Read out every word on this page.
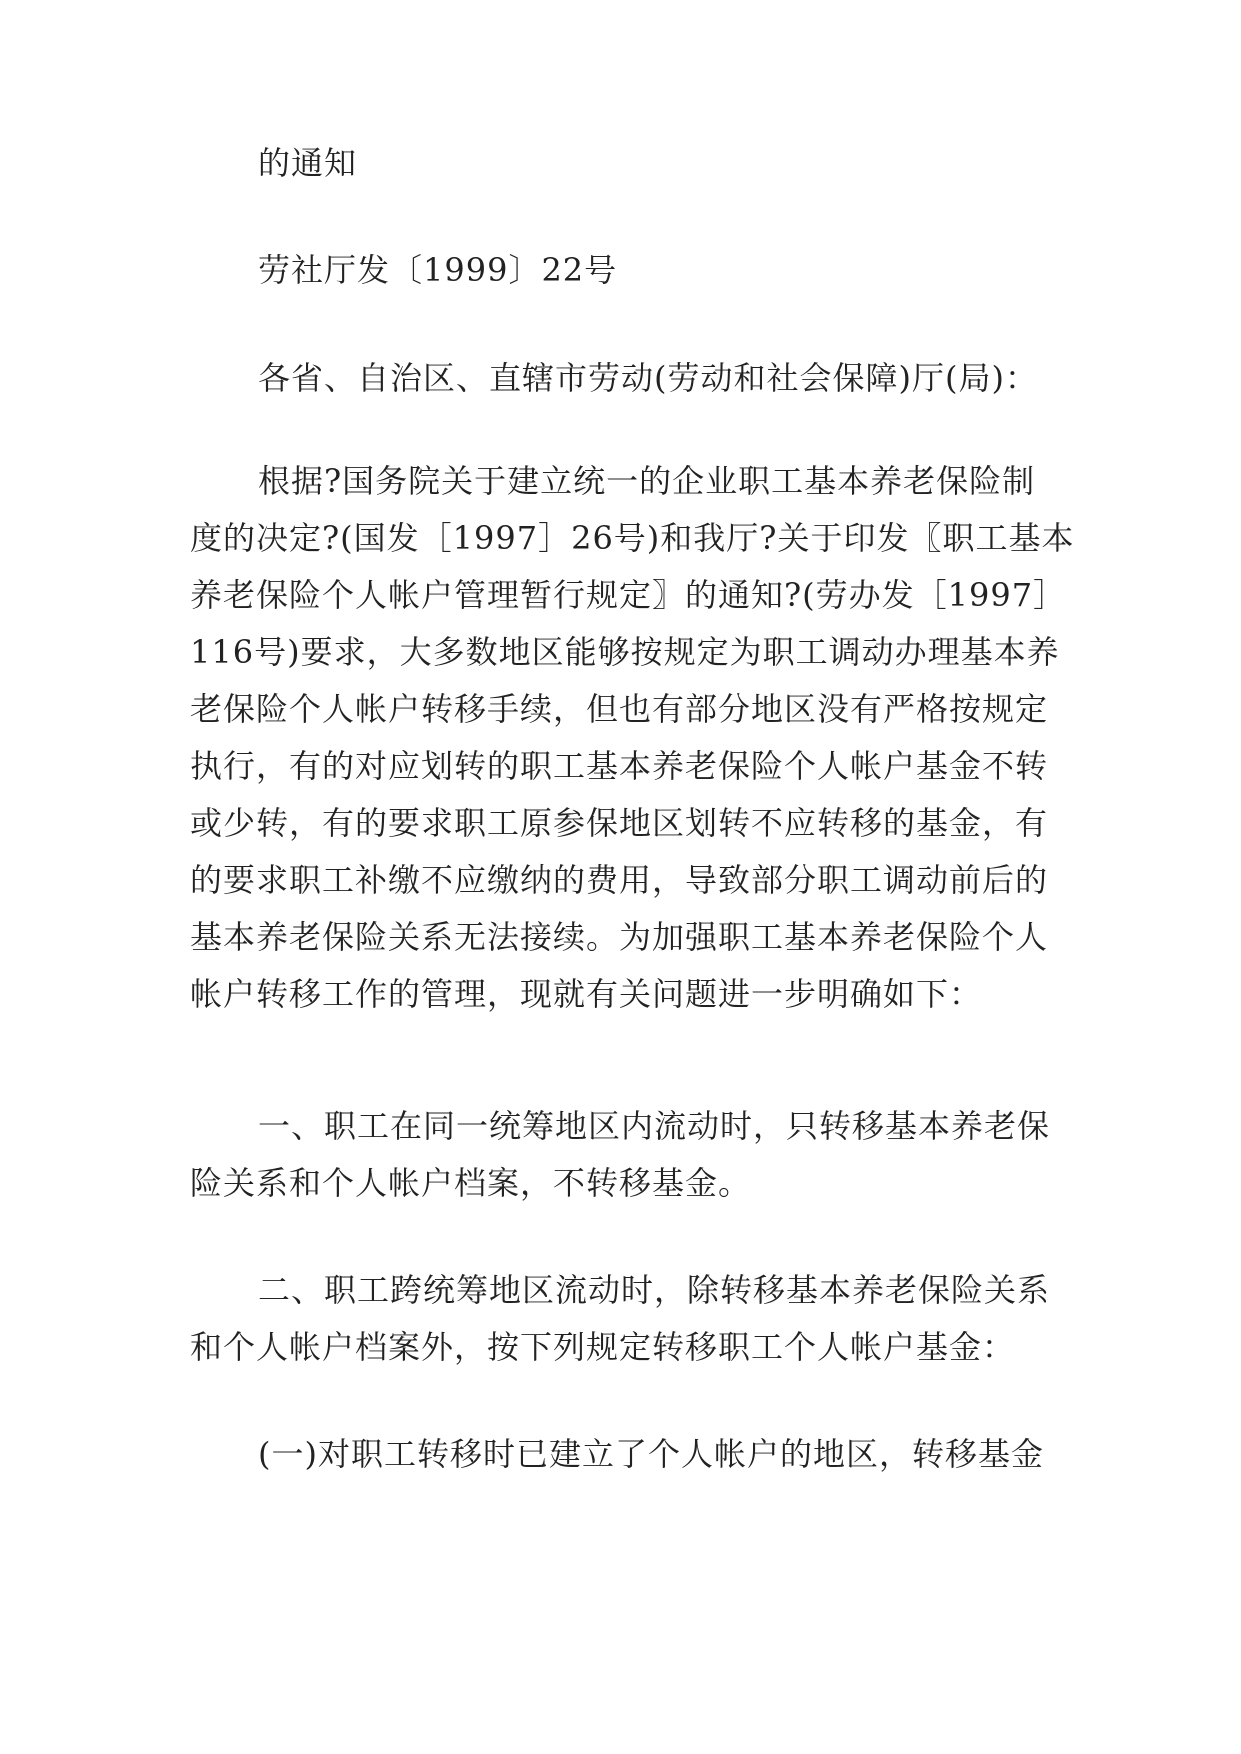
的通知

劳社厅发〔1999〕22号

各省、自治区、直辖市劳动(劳动和社会保障)厅(局)：

根据?国务院关于建立统一的企业职工基本养老保险制
度的决定?(国发［1997］26号)和我厅?关于印发〖职工基本
养老保险个人帐户管理暂行规定〗的通知?(劳办发［1997］
116号)要求，大多数地区能够按规定为职工调动办理基本养
老保险个人帐户转移手续，但也有部分地区没有严格按规定
执行，有的对应划转的职工基本养老保险个人帐户基金不转
或少转，有的要求职工原参保地区划转不应转移的基金，有
的要求职工补缴不应缴纳的费用，导致部分职工调动前后的
基本养老保险关系无法接续。为加强职工基本养老保险个人
帐户转移工作的管理，现就有关问题进一步明确如下：
一、职工在同一统筹地区内流动时，只转移基本养老保
险关系和个人帐户档案，不转移基金。
二、职工跨统筹地区流动时，除转移基本养老保险关系
和个人帐户档案外，按下列规定转移职工个人帐户基金：

(一)对职工转移时已建立了个人帐户的地区，转移基金
